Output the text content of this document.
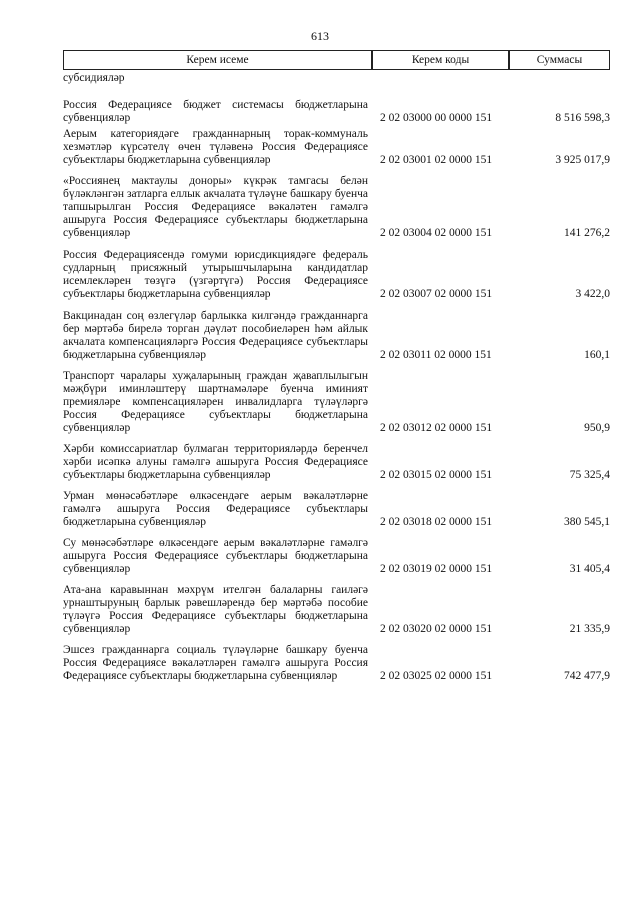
613
Керем исеме	Керем коды	Суммасы
субсидияләр
Россия Федерациясе бюджет системасы бюджетларына субвенцияләр	2 02 03000 00 0000 151	8 516 598,3
Аерым категориядәге гражданнарның торак-коммуналь хезмәтләр күрсәтелү өчен түләвенә Россия Федерациясе субъектлары бюджетларына субвенцияләр	2 02 03001 02 0000 151	3 925 017,9
«Россиянең мактаулы доноры» күкрәк тамгасы белән бүләкләнгән затларга еллык акчалата түләүне башкару буенча тапшырылган Россия Федерациясе вәкаләтен гамәлгә ашыруга Россия Федерациясе субъектлары бюджетларына субвенцияләр	2 02 03004 02 0000 151	141 276,2
Россия Федерациясендә гомуми юрисдикциядәге федераль судларның присяжный утырышчыларына кандидатлар исемлекләрен төзүгә (үзгәртүгә) Россия Федерациясе субъектлары бюджетларына субвенцияләр	2 02 03007 02 0000 151	3 422,0
Вакцинадан соң өзлегүләр барлыкка килгәндә гражданнарга бер мәртәбә бирелә торган дәүләт пособиеләрен һәм айлык акчалата компенсацияләргә Россия Федерациясе субъектлары бюджетларына субвенцияләр	2 02 03011 02 0000 151	160,1
Транспорт чаралары хуҗаларының граждан җаваплылыгын мәҗбүри иминләштерү шартнамәләре буенча иминият премияләре компенсацияләрен инвалидларга түләүләргә Россия Федерациясе субъектлары бюджетларына субвенцияләр	2 02 03012 02 0000 151	950,9
Хәрби комиссариатлар булмаган территорияләрдә беренчел хәрби исәпкә алуны гамәлгә ашыруга Россия Федерациясе субъектлары бюджетларына субвенцияләр	2 02 03015 02 0000 151	75 325,4
Урман мөнәсәбәтләре өлкәсендәге аерым вәкаләтләрне гамәлгә ашыруга Россия Федерациясе субъектлары бюджетларына субвенцияләр	2 02 03018 02 0000 151	380 545,1
Су мөнәсәбәтләре өлкәсендәге аерым вәкаләтләрне гамәлгә ашыруга Россия Федерациясе субъектлары бюджетларына субвенцияләр	2 02 03019 02 0000 151	31 405,4
Ата-ана каравыннан мәхрүм ителгән балаларны гаиләгә урнаштыруның барлык рәвешләрендә бер мәртәбә пособие түләүгә Россия Федерациясе субъектлары бюджетларына субвенцияләр	2 02 03020 02 0000 151	21 335,9
Эшсез гражданнарга социаль түләүләрне башкару буенча Россия Федерациясе вәкаләтләрен гамәлгә ашыруга Россия Федерациясе субъектлары бюджетларына субвенцияләр	2 02 03025 02 0000 151	742 477,9
